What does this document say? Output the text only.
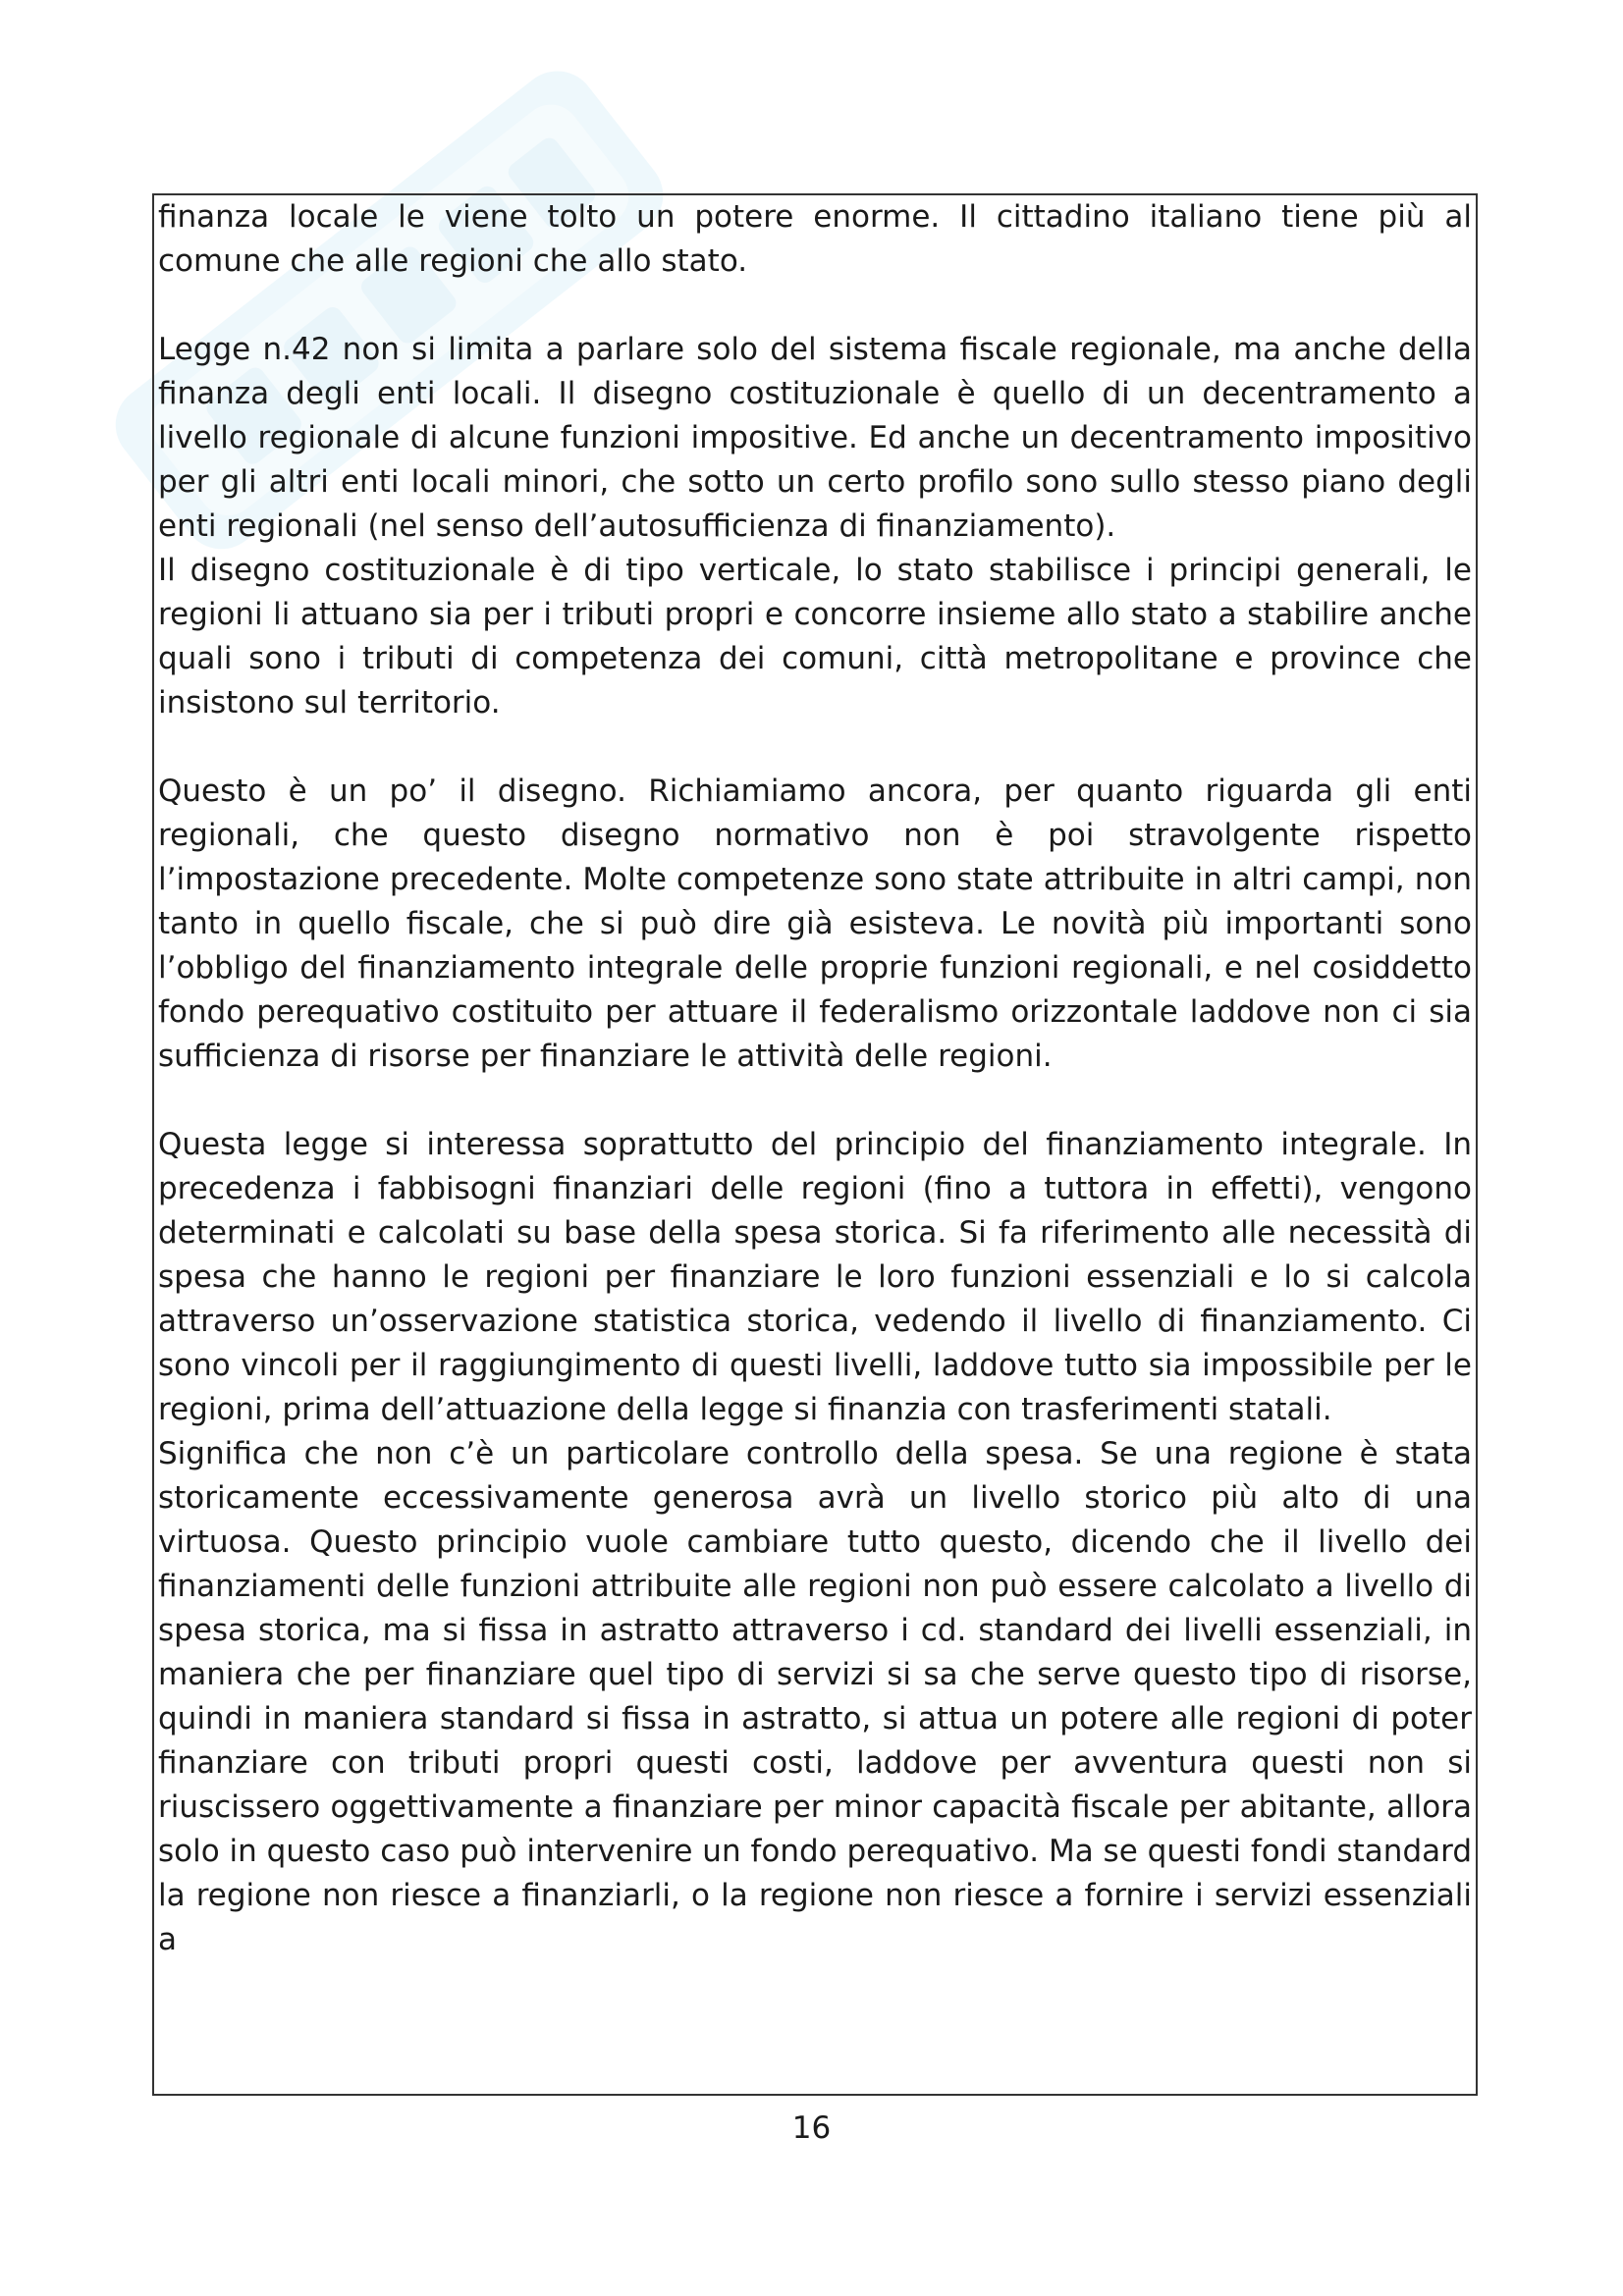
finanza locale le viene tolto un potere enorme. Il cittadino italiano tiene più al comune che alle regioni che allo stato.

Legge n.42 non si limita a parlare solo del sistema fiscale regionale, ma anche della finanza degli enti locali. Il disegno costituzionale è quello di un decentramento a livello regionale di alcune funzioni impositive. Ed anche un decentramento impositivo per gli altri enti locali minori, che sotto un certo profilo sono sullo stesso piano degli enti regionali (nel senso dell’autosufficienza di finanziamento).

Il disegno costituzionale è di tipo verticale, lo stato stabilisce i principi generali, le regioni li attuano sia per i tributi propri e concorre insieme allo stato a stabilire anche quali sono i tributi di competenza dei comuni, città metropolitane e province che insistono sul territorio.

Questo è un po’ il disegno. Richiamiamo ancora, per quanto riguarda gli enti regionali, che questo disegno normativo non è poi stravolgente rispetto l’impostazione precedente. Molte competenze sono state attribuite in altri campi, non tanto in quello fiscale, che si può dire già esisteva. Le novità più importanti sono l’obbligo del finanziamento integrale delle proprie funzioni regionali, e nel cosiddetto fondo perequativo costituito per attuare il federalismo orizzontale laddove non ci sia sufficienza di risorse per finanziare le attività delle regioni.

Questa legge si interessa soprattutto del principio del finanziamento integrale. In precedenza i fabbisogni finanziari delle regioni (fino a tuttora in effetti), vengono determinati e calcolati su base della spesa storica. Si fa riferimento alle necessità di spesa che hanno le regioni per finanziare le loro funzioni essenziali e lo si calcola attraverso un’osservazione statistica storica, vedendo il livello di finanziamento. Ci sono vincoli per il raggiungimento di questi livelli, laddove tutto sia impossibile per le regioni, prima dell’attuazione della legge si finanzia con trasferimenti statali.

Significa che non c’è un particolare controllo della spesa. Se una regione è stata storicamente eccessivamente generosa avrà un livello storico più alto di una virtuosa. Questo principio vuole cambiare tutto questo, dicendo che il livello dei finanziamenti delle funzioni attribuite alle regioni non può essere calcolato a livello di spesa storica, ma si fissa in astratto attraverso i cd. standard dei livelli essenziali, in maniera che per finanziare quel tipo di servizi si sa che serve questo tipo di risorse, quindi in maniera standard si fissa in astratto, si attua un potere alle regioni di poter finanziare con tributi propri questi costi, laddove per avventura questi non si riuscissero oggettivamente a finanziare per minor capacità fiscale per abitante, allora solo in questo caso può intervenire un fondo perequativo. Ma se questi fondi standard la regione non riesce a finanziarli, o la regione non riesce a fornire i servizi essenziali a

16
